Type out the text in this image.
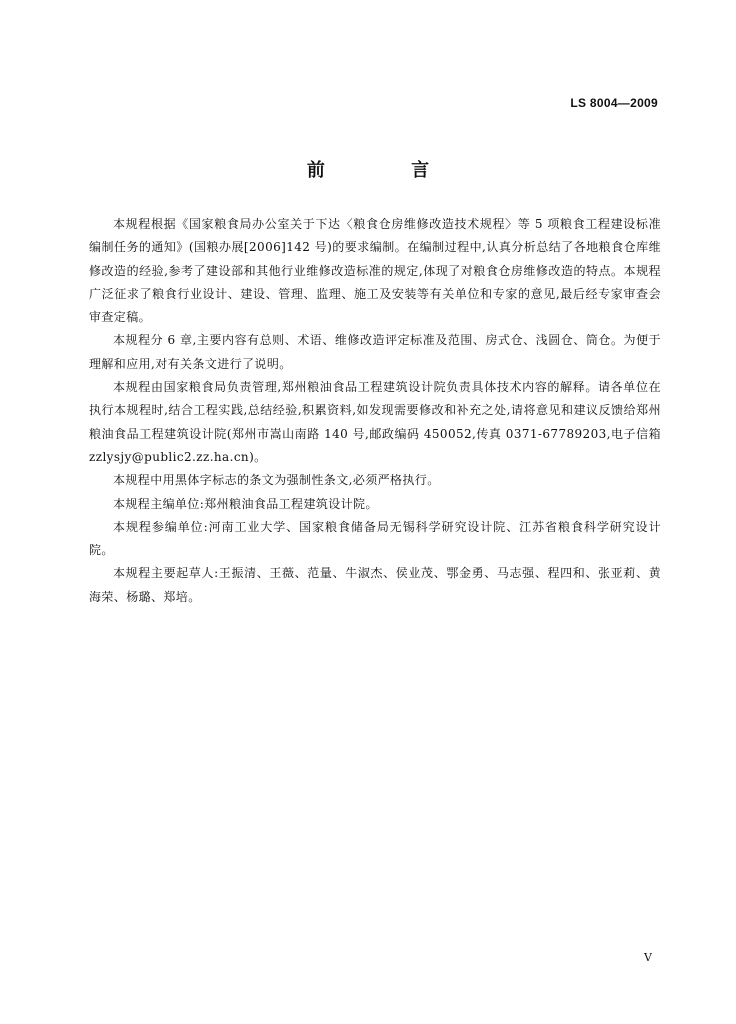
LS 8004—2009
前 言

本规程根据《国家粮食局办公室关于下达〈粮食仓房维修改造技术规程〉等 5 项粮食工程建设标准编制任务的通知》(国粮办展[2006]142 号)的要求编制。在编制过程中,认真分析总结了各地粮食仓库维修改造的经验,参考了建设部和其他行业维修改造标准的规定,体现了对粮食仓房维修改造的特点。本规程广泛征求了粮食行业设计、建设、管理、监理、施工及安装等有关单位和专家的意见,最后经专家审查会审查定稿。

本规程分 6 章,主要内容有总则、术语、维修改造评定标准及范围、房式仓、浅圆仓、筒仓。为便于理解和应用,对有关条文进行了说明。

本规程由国家粮食局负责管理,郑州粮油食品工程建筑设计院负责具体技术内容的解释。请各单位在执行本规程时,结合工程实践,总结经验,积累资料,如发现需要修改和补充之处,请将意见和建议反馈给郑州粮油食品工程建筑设计院(郑州市嵩山南路 140 号,邮政编码 450052,传真 0371-67789203,电子信箱 zzlysjy@public2.zz.ha.cn)。

本规程中用黑体字标志的条文为强制性条文,必须严格执行。

本规程主编单位:郑州粮油食品工程建筑设计院。

本规程参编单位:河南工业大学、国家粮食储备局无锡科学研究设计院、江苏省粮食科学研究设计院。

本规程主要起草人:王振清、王薇、范量、牛淑杰、侯业茂、鄂金勇、马志强、程四和、张亚莉、黄海荣、杨璐、郑培。

V
